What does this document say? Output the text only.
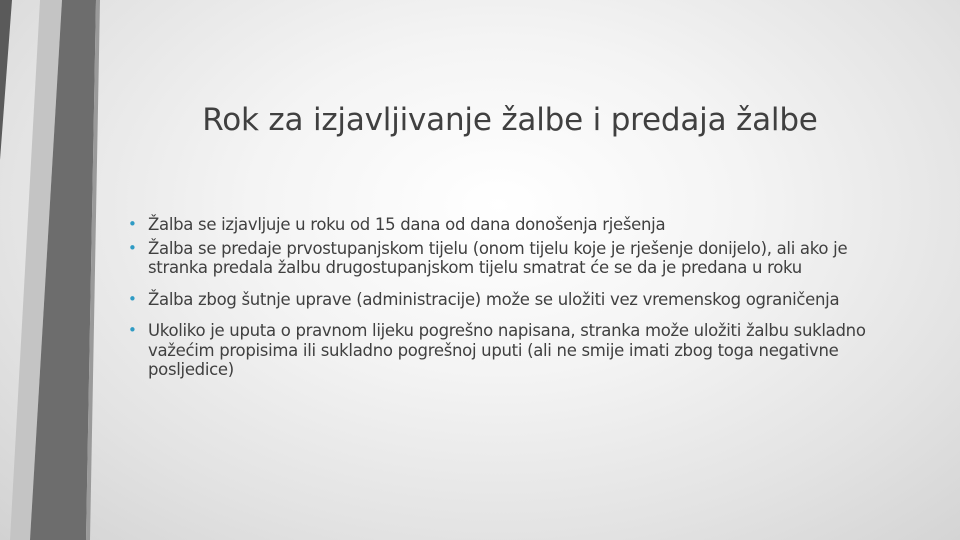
Rok za izjavljivanje žalbe i predaja žalbe
• Žalba se izjavljuje u roku od 15 dana od dana donošenja rješenja
• Žalba se predaje prvostupanjskom tijelu (onom tijelu koje je rješenje donijelo), ali ako je stranka predala žalbu drugostupanjskom tijelu smatrat će se da je predana u roku
• Žalba zbog šutnje uprave (administracije) može se uložiti vez vremenskog ograničenja
• Ukoliko je uputa o pravnom lijeku pogrešno napisana, stranka može uložiti žalbu sukladno važećim propisima ili sukladno pogrešnoj uputi (ali ne smije imati zbog toga negativne posljedice)
